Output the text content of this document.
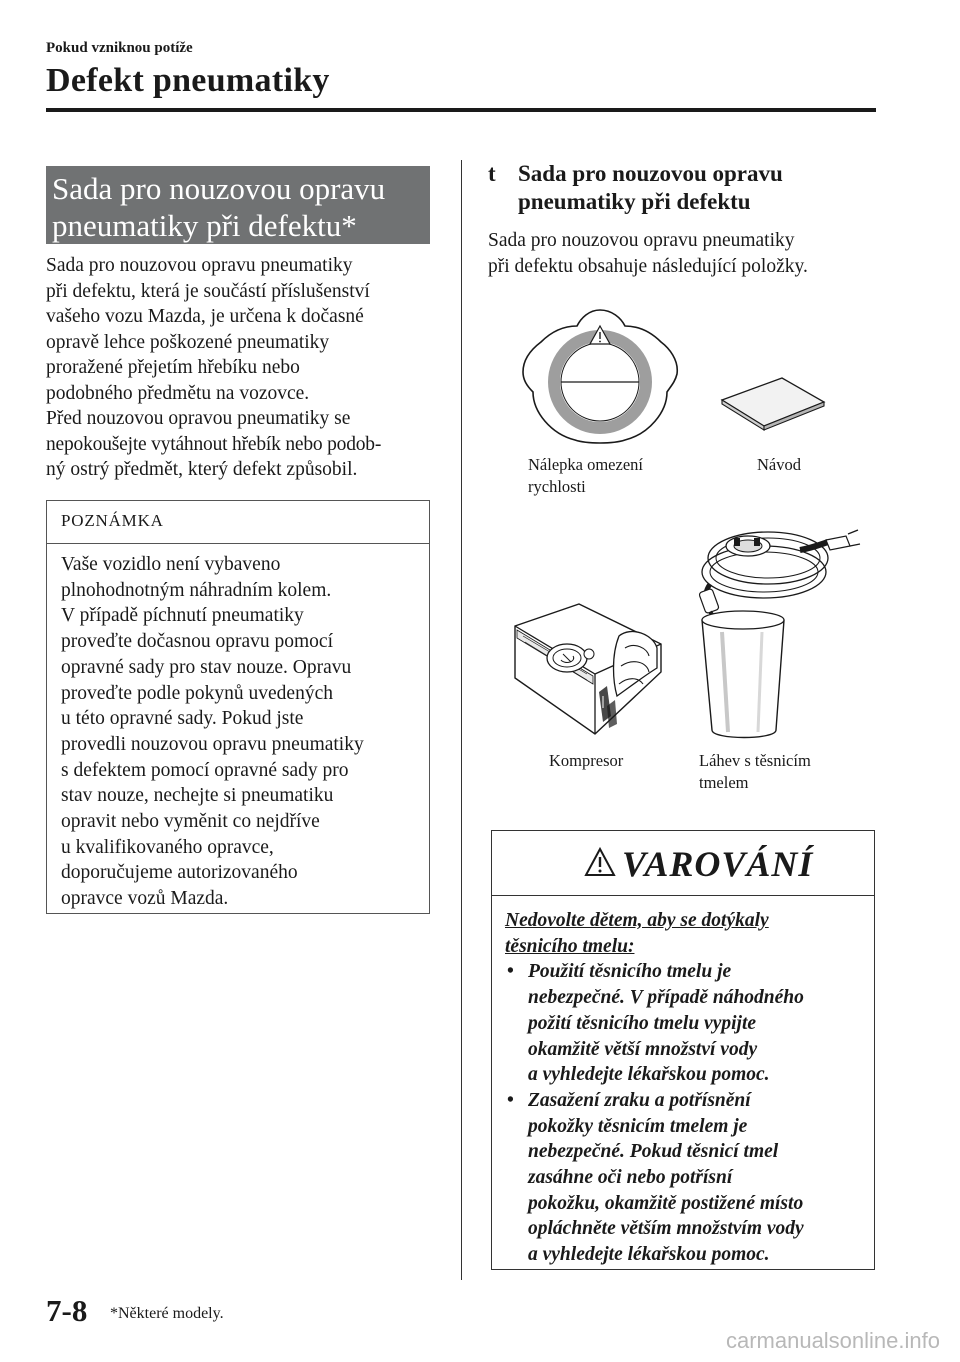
Pokud vzniknou potíže
Defekt pneumatiky
Sada pro nouzovou opravu
pneumatiky při defektu*

Sada pro nouzovou opravu pneumatiky

při defektu, která je součástí příslušenství

vašeho vozu Mazda, je určena k dočasné

opravě lehce poškozené pneumatiky

proražené přejetím hřebíku nebo

podobného předmětu na vozovce.

Před nouzovou opravou pneumatiky se

nepokoušejte vytáhnout hřebík nebo podob-

ný ostrý předmět, který defekt způsobil.

POZNÁMKA

Vaše vozidlo není vybaveno

plnohodnotným náhradním kolem.

V případě píchnutí pneumatiky

proveďte dočasnou opravu pomocí

opravné sady pro stav nouze. Opravu

proveďte podle pokynů uvedených

u této opravné sady. Pokud jste

provedli nouzovou opravu pneumatiky

s defektem pomocí opravné sady pro

stav nouze, nechejte si pneumatiku

opravit nebo vyměnit co nejdříve

u kvalifikovaného opravce,

doporučujeme autorizovaného

opravce vozů Mazda.

t Sada pro nouzovou opravu
pneumatiky při defektu

Sada pro nouzovou opravu pneumatiky

při defektu obsahuje následující položky.

Nálepka omezení

rychlosti

Návod
Kompresor	Láhev s těsnicím

tmelem

VAROVÁNÍ

Nedovolte dětem, aby se dotýkaly

těsnicího tmelu:

• Použití těsnicího tmelu je
nebezpečné. V případě náhodného
požití těsnicího tmelu vypijte
okamžitě větší množství vody
a vyhledejte lékařskou pomoc.
• Zasažení zraku a potřísnění
pokožky těsnicím tmelem je
nebezpečné. Pokud těsnicí tmel
zasáhne oči nebo potřísní
pokožku, okamžitě postižené místo
opláchněte větším množstvím vody
a vyhledejte lékařskou pomoc.
7-8 *Některé modely.
carmanualsonline.info
